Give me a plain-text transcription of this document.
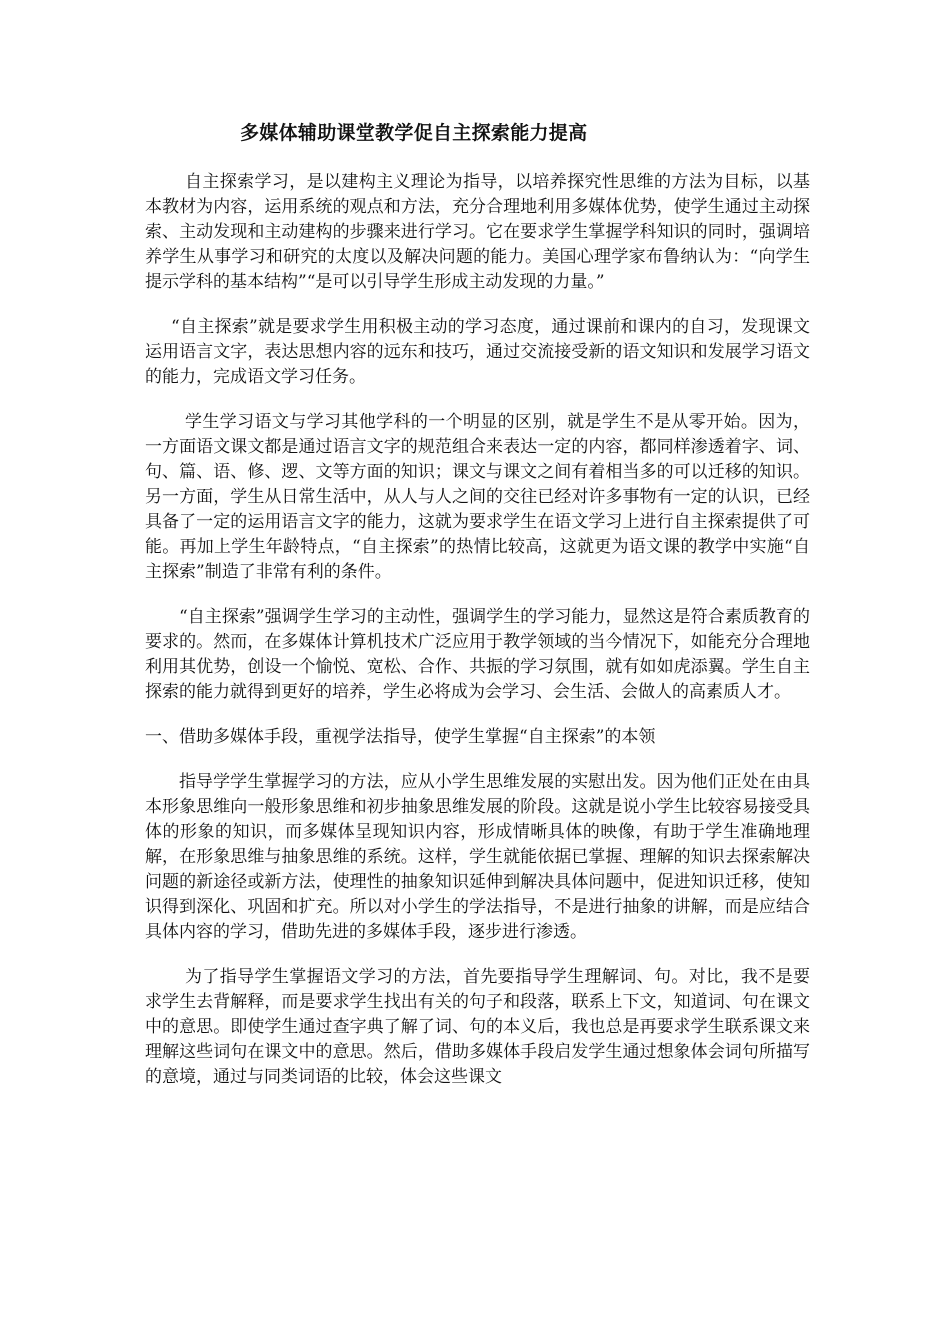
多媒体辅助课堂教学促自主探索能力提高

自主探索学习，是以建构主义理论为指导，以培养探究性思维的方法为目标，以基本教材为内容，运用系统的观点和方法，充分合理地利用多媒体优势，使学生通过主动探索、主动发现和主动建构的步骤来进行学习。它在要求学生掌握学科知识的同时，强调培养学生从事学习和研究的太度以及解决问题的能力。美国心理学家布鲁纳认为：“向学生提示学科的基本结构”“是可以引导学生形成主动发现的力量。”

“自主探索”就是要求学生用积极主动的学习态度，通过课前和课内的自习，发现课文运用语言文字，表达思想内容的远东和技巧，通过交流接受新的语文知识和发展学习语文的能力，完成语文学习任务。

学生学习语文与学习其他学科的一个明显的区别，就是学生不是从零开始。因为，一方面语文课文都是通过语言文字的规范组合来表达一定的内容，都同样渗透着字、词、句、篇、语、修、逻、文等方面的知识；课文与课文之间有着相当多的可以迁移的知识。另一方面，学生从日常生活中，从人与人之间的交往已经对许多事物有一定的认识，已经具备了一定的运用语言文字的能力，这就为要求学生在语文学习上进行自主探索提供了可能。再加上学生年龄特点，“自主探索”的热情比较高，这就更为语文课的教学中实施“自主探索”制造了非常有利的条件。

“自主探索”强调学生学习的主动性，强调学生的学习能力，显然这是符合素质教育的要求的。然而，在多媒体计算机技术广泛应用于教学领域的当今情况下，如能充分合理地利用其优势，创设一个愉悦、宽松、合作、共振的学习氛围，就有如如虎添翼。学生自主探索的能力就得到更好的培养，学生必将成为会学习、会生活、会做人的高素质人才。

一、借助多媒体手段，重视学法指导，使学生掌握“自主探索”的本领

指导学学生掌握学习的方法，应从小学生思维发展的实慰出发。因为他们正处在由具本形象思维向一般形象思维和初步抽象思维发展的阶段。这就是说小学生比较容易接受具体的形象的知识，而多媒体呈现知识内容，形成情晰具体的映像，有助于学生准确地理解，在形象思维与抽象思维的系统。这样，学生就能依据已掌握、理解的知识去探索解决问题的新途径或新方法，使理性的抽象知识延伸到解决具体问题中，促进知识迁移，使知识得到深化、巩固和扩充。所以对小学生的学法指导，不是进行抽象的讲解，而是应结合具体内容的学习，借助先进的多媒体手段，逐步进行渗透。

为了指导学生掌握语文学习的方法，首先要指导学生理解词、句。对比，我不是要求学生去背解释，而是要求学生找出有关的句子和段落，联系上下文，知道词、句在课文中的意思。即使学生通过查字典了解了词、句的本义后，我也总是再要求学生联系课文来理解这些词句在课文中的意思。然后，借助多媒体手段启发学生通过想象体会词句所描写的意境，通过与同类词语的比较，体会这些课文
